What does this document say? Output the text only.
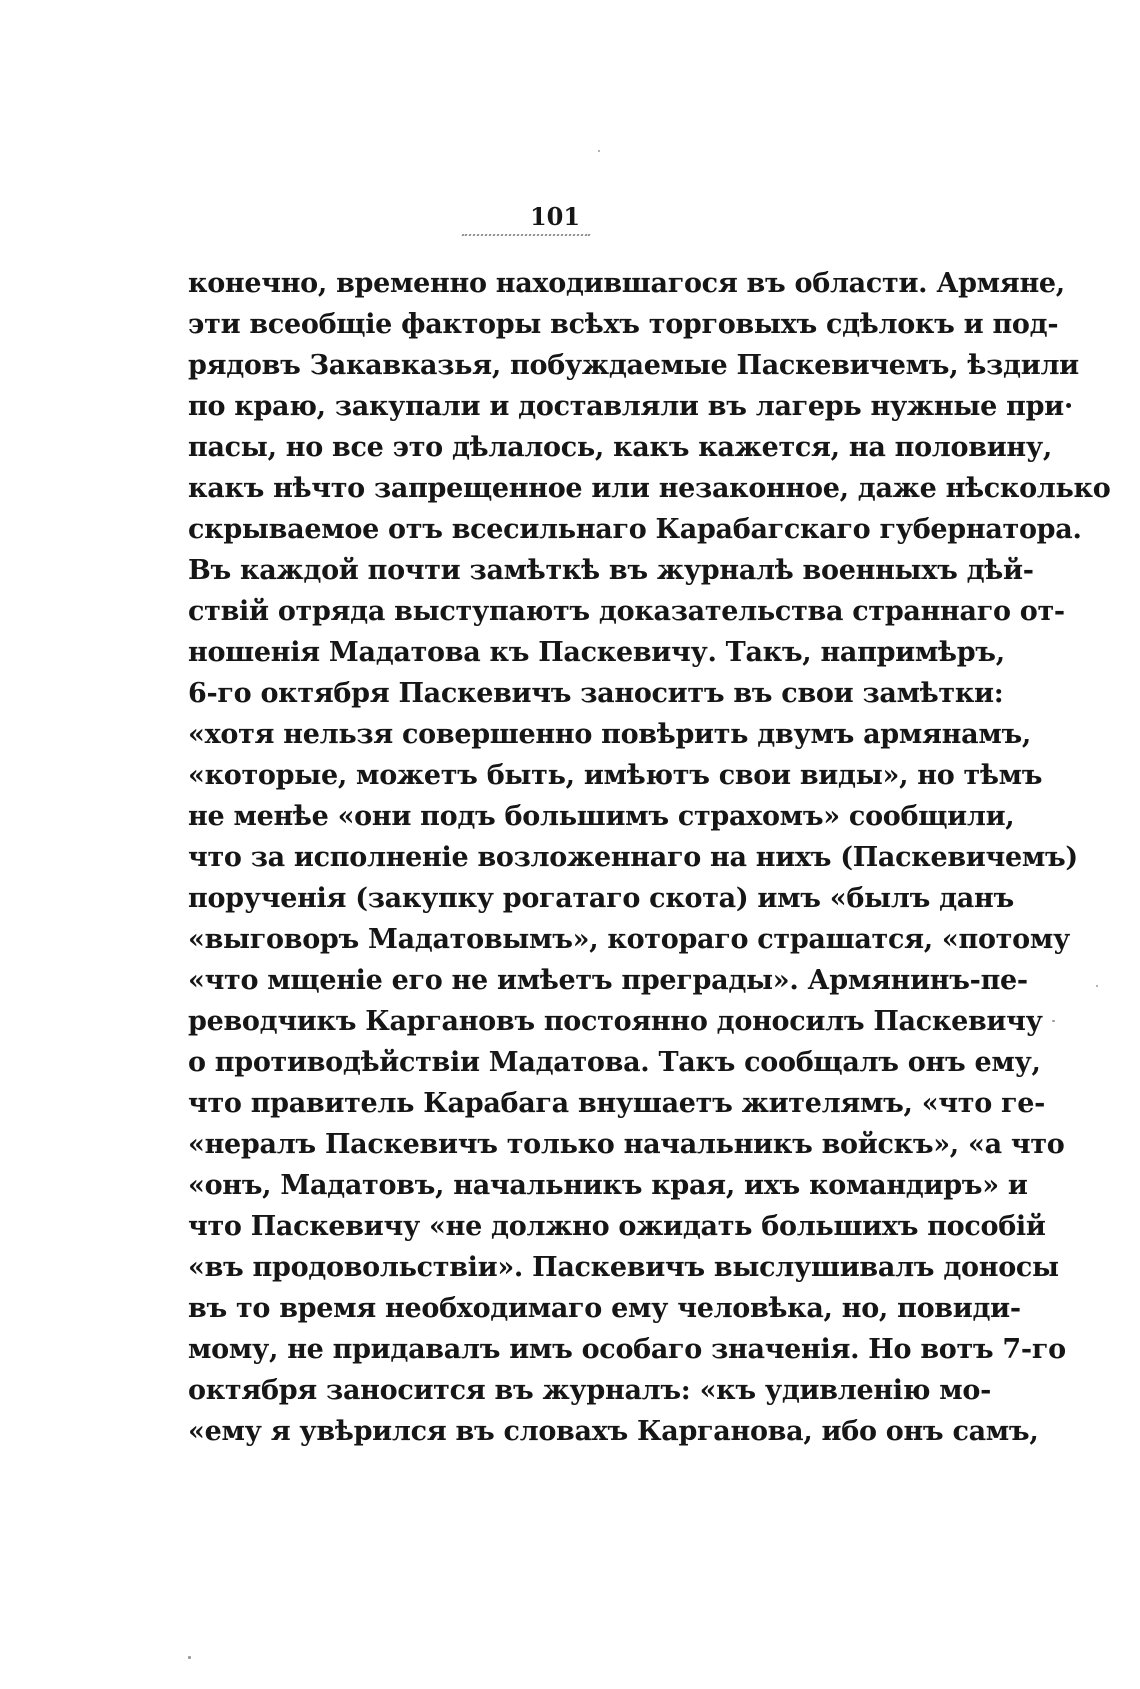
101
конечно, временно находившагося въ области. Армяне,
эти всеобщіе факторы всѣхъ торговыхъ сдѣлокъ и под-
рядовъ Закавказья, побуждаемые Паскевичемъ, ѣздили
по краю, закупали и доставляли въ лагерь нужные при·
пасы, но все это дѣлалось, какъ кажется, на половину,
какъ нѣчто запрещенное или незаконное, даже нѣсколько
скрываемое отъ всесильнаго Карабагскаго губернатора.
Въ каждой почти замѣткѣ въ журналѣ военныхъ дѣй-
ствій отряда выступаютъ доказательства страннаго от-
ношенія Мадатова къ Паскевичу. Такъ, напримѣръ,
6-го октября Паскевичъ заноситъ въ свои замѣтки:
«хотя нельзя совершенно повѣрить двумъ армянамъ,
«которые, можетъ быть, имѣютъ свои виды», но тѣмъ
не менѣе «они подъ большимъ страхомъ» сообщили,
что за исполненіе возложеннаго на нихъ (Паскевичемъ)
порученія (закупку рогатаго скота) имъ «былъ данъ
«выговоръ Мадатовымъ», котораго страшатся, «потому
«что мщеніе его не имѣетъ преграды». Армянинъ-пе-
реводчикъ Каргановъ постоянно доносилъ Паскевичу
о противодѣйствіи Мадатова. Такъ сообщалъ онъ ему,
что правитель Карабага внушаетъ жителямъ, «что ге-
«нералъ Паскевичъ только начальникъ войскъ», «а что
«онъ, Мадатовъ, начальникъ края, ихъ командиръ» и
что Паскевичу «не должно ожидать большихъ пособій
«въ продовольствіи». Паскевичъ выслушивалъ доносы
въ то время необходимаго ему человѣка, но, повиди-
мому, не придавалъ имъ особаго значенія. Но вотъ 7-го
октября заносится въ журналъ: «къ удивленію мо-
«ему я увѣрился въ словахъ Карганова, ибо онъ самъ,
